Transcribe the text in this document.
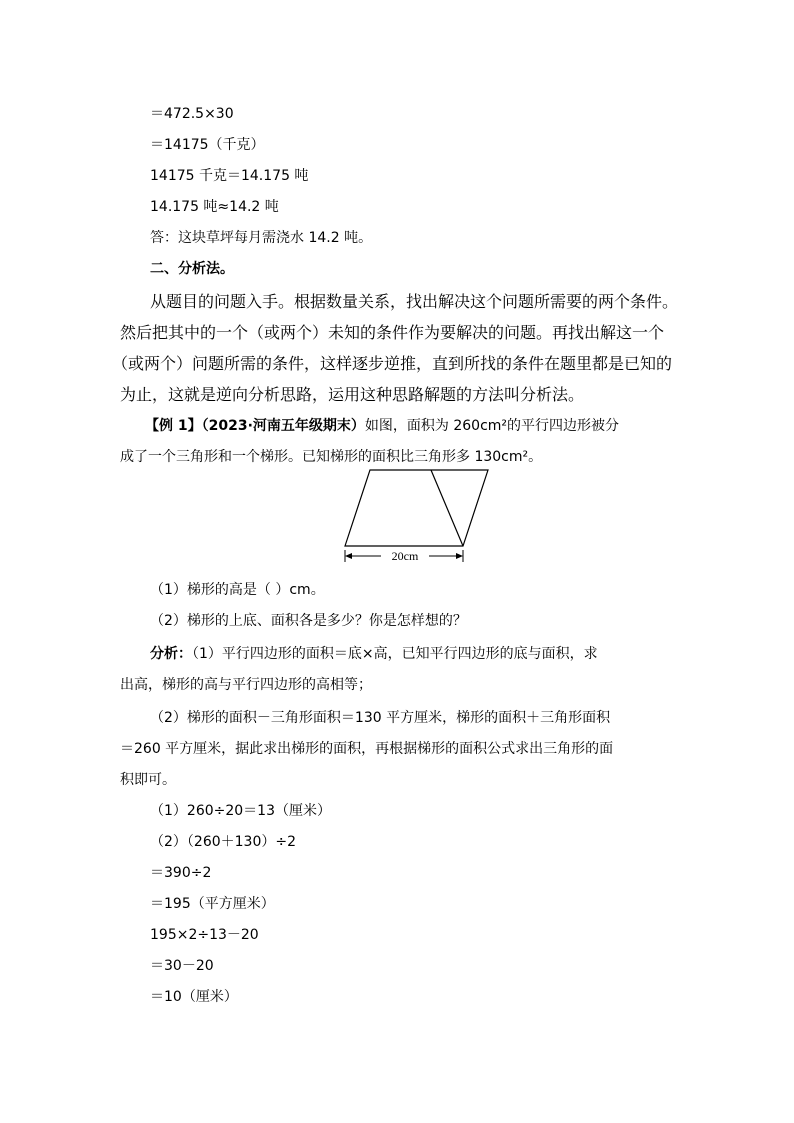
＝472.5×30
＝14175（千克）
14175 千克＝14.175 吨
14.175 吨≈14.2 吨
答：这块草坪每月需浇水 14.2 吨。
二、分析法。
从题目的问题入手。根据数量关系，找出解决这个问题所需要的两个条件。
然后把其中的一个（或两个）未知的条件作为要解决的问题。再找出解这一个
（或两个）问题所需的条件，这样逐步逆推，直到所找的条件在题里都是已知的
为止，这就是逆向分析思路，运用这种思路解题的方法叫分析法。
【例 1】（2023·河南五年级期末）如图，面积为 260cm²的平行四边形被分
成了一个三角形和一个梯形。已知梯形的面积比三角形多 130cm²。
20cm
（1）梯形的高是（ ）cm。
（2）梯形的上底、面积各是多少？你是怎样想的？
分析：（1）平行四边形的面积＝底×高，已知平行四边形的底与面积，求
出高，梯形的高与平行四边形的高相等；
（2）梯形的面积－三角形面积＝130 平方厘米，梯形的面积＋三角形面积
＝260 平方厘米，据此求出梯形的面积，再根据梯形的面积公式求出三角形的面
积即可。
（1）260÷20＝13（厘米）
（2）（260＋130）÷2
＝390÷2
＝195（平方厘米）
195×2÷13－20
＝30－20
＝10（厘米）
